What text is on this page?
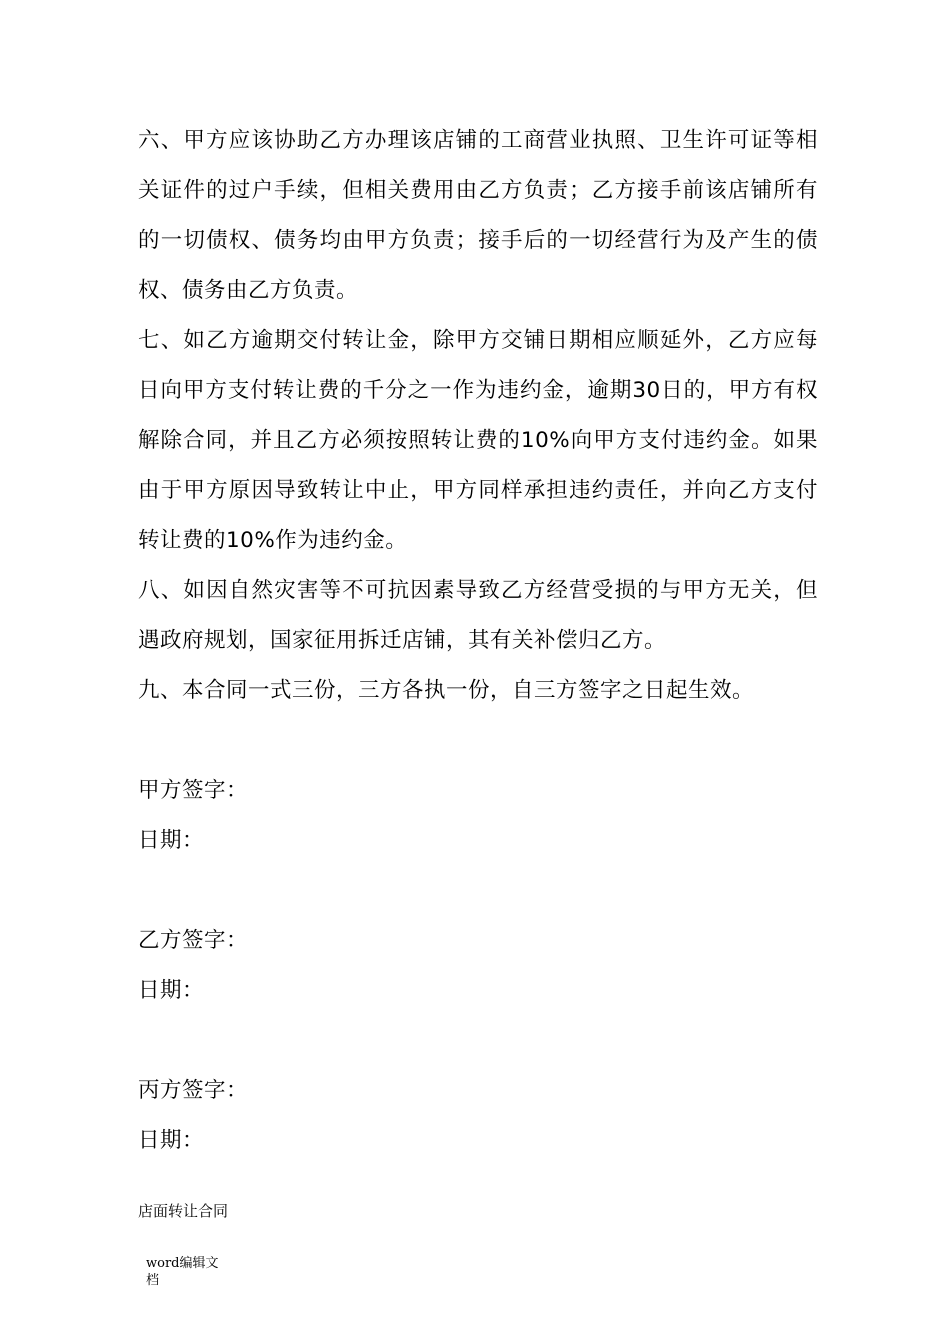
六、甲方应该协助乙方办理该店铺的工商营业执照、卫生许可证等相关证件的过户手续，但相关费用由乙方负责；乙方接手前该店铺所有的一切债权、债务均由甲方负责；接手后的一切经营行为及产生的债权、债务由乙方负责。

七、如乙方逾期交付转让金，除甲方交铺日期相应顺延外，乙方应每日向甲方支付转让费的千分之一作为违约金，逾期30日的，甲方有权解除合同，并且乙方必须按照转让费的10%向甲方支付违约金。如果由于甲方原因导致转让中止，甲方同样承担违约责任，并向乙方支付转让费的10%作为违约金。

八、如因自然灾害等不可抗因素导致乙方经营受损的与甲方无关，但遇政府规划，国家征用拆迁店铺，其有关补偿归乙方。

九、本合同一式三份，三方各执一份，自三方签字之日起生效。

甲方签字：

日期：

乙方签字：

日期：

丙方签字：

日期：

店面转让合同

word编辑文档
